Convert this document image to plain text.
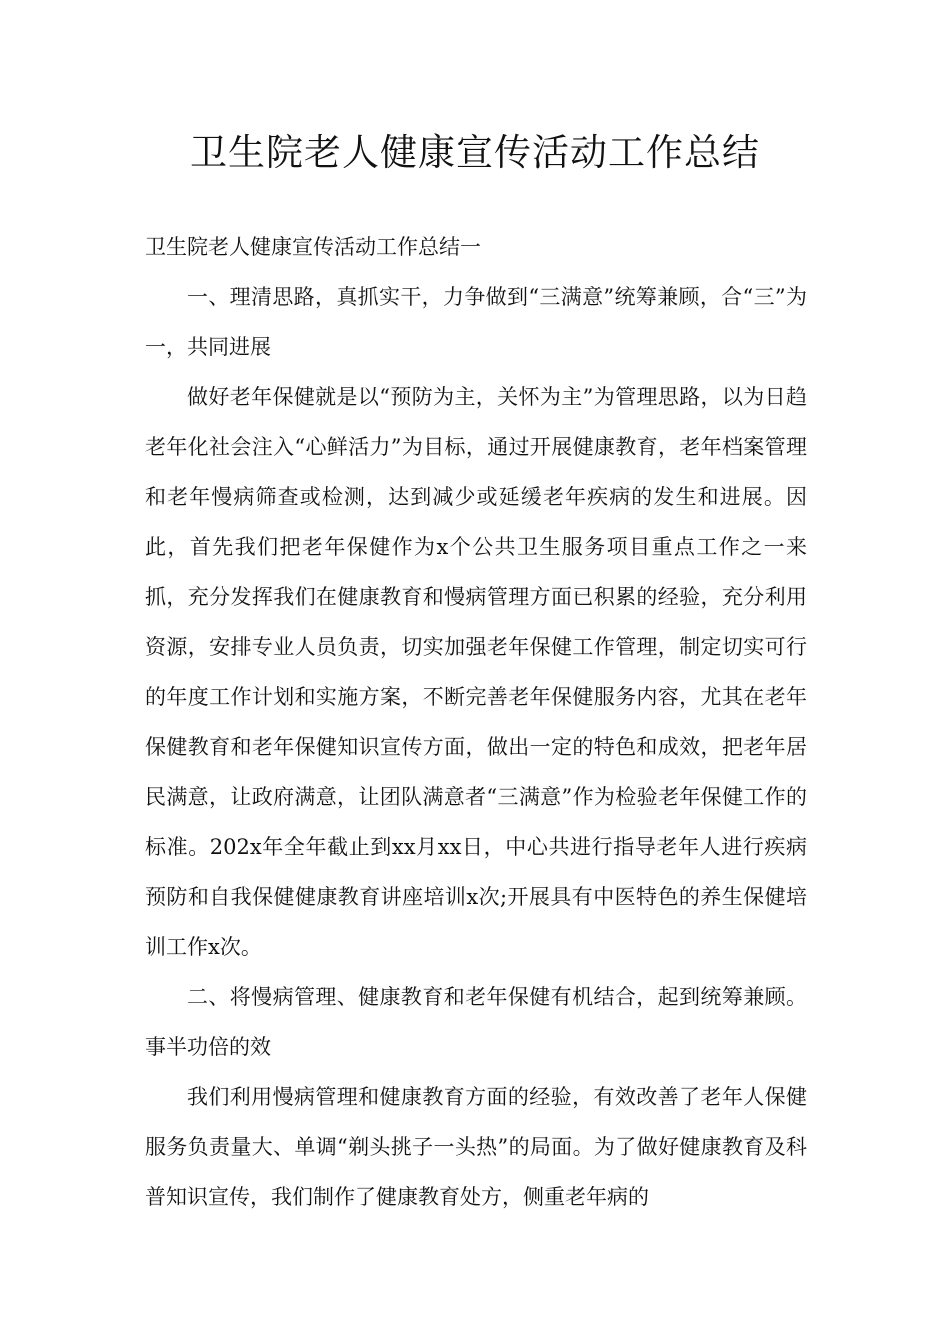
卫生院老人健康宣传活动工作总结

卫生院老人健康宣传活动工作总结一

一、理清思路，真抓实干，力争做到“三满意”统筹兼顾，合“三”为一，共同进展

做好老年保健就是以“预防为主，关怀为主”为管理思路，以为日趋老年化社会注入“心鲜活力”为目标，通过开展健康教育，老年档案管理和老年慢病筛查或检测，达到减少或延缓老年疾病的发生和进展。因此，首先我们把老年保健作为x个公共卫生服务项目重点工作之一来抓，充分发挥我们在健康教育和慢病管理方面已积累的经验，充分利用资源，安排专业人员负责，切实加强老年保健工作管理，制定切实可行的年度工作计划和实施方案，不断完善老年保健服务内容，尤其在老年保健教育和老年保健知识宣传方面，做出一定的特色和成效，把老年居民满意，让政府满意，让团队满意者“三满意”作为检验老年保健工作的标准。202x年全年截止到xx月xx日，中心共进行指导老年人进行疾病预防和自我保健健康教育讲座培训x次;开展具有中医特色的养生保健培训工作x次。

二、将慢病管理、健康教育和老年保健有机结合，起到统筹兼顾。事半功倍的效

我们利用慢病管理和健康教育方面的经验，有效改善了老年人保健服务负责量大、单调“剃头挑子一头热”的局面。为了做好健康教育及科普知识宣传，我们制作了健康教育处方，侧重老年病的
